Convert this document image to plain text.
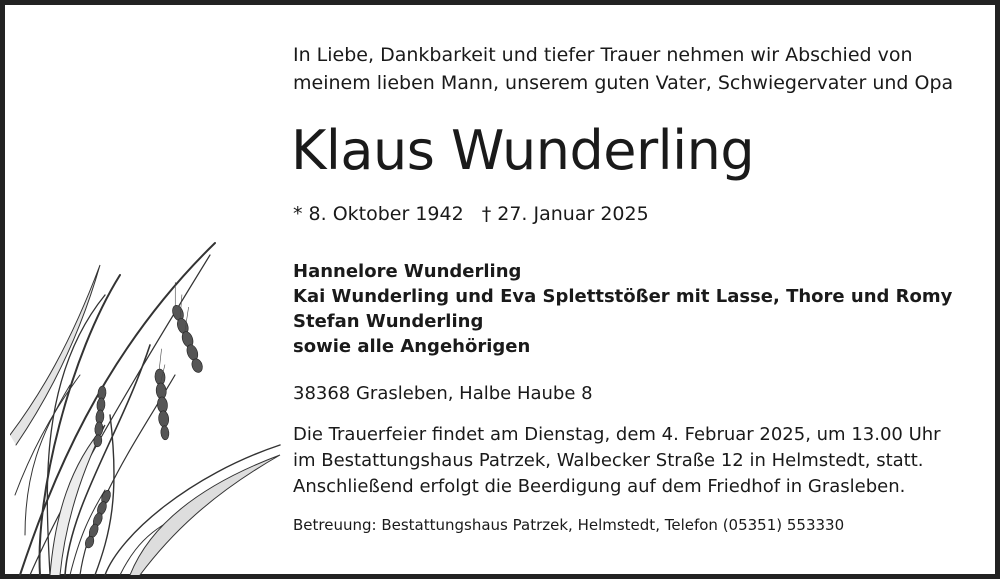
In Liebe, Dankbarkeit und tiefer Trauer nehmen wir Abschied von
meinem lieben Mann, unserem guten Vater, Schwiegervater und Opa

Klaus Wunderling
* 8. Oktober 1942 † 27. Januar 2025
Hannelore Wunderling
Kai Wunderling und Eva Splettstößer mit Lasse, Thore und Romy
Stefan Wunderling
sowie alle Angehörigen
38368 Grasleben, Halbe Haube 8
Die Trauerfeier findet am Dienstag, dem 4. Februar 2025, um 13.00 Uhr
im Bestattungshaus Patrzek, Walbecker Straße 12 in Helmstedt, statt.
Anschließend erfolgt die Beerdigung auf dem Friedhof in Grasleben.
Betreuung: Bestattungshaus Patrzek, Helmstedt, Telefon (05351) 553330
